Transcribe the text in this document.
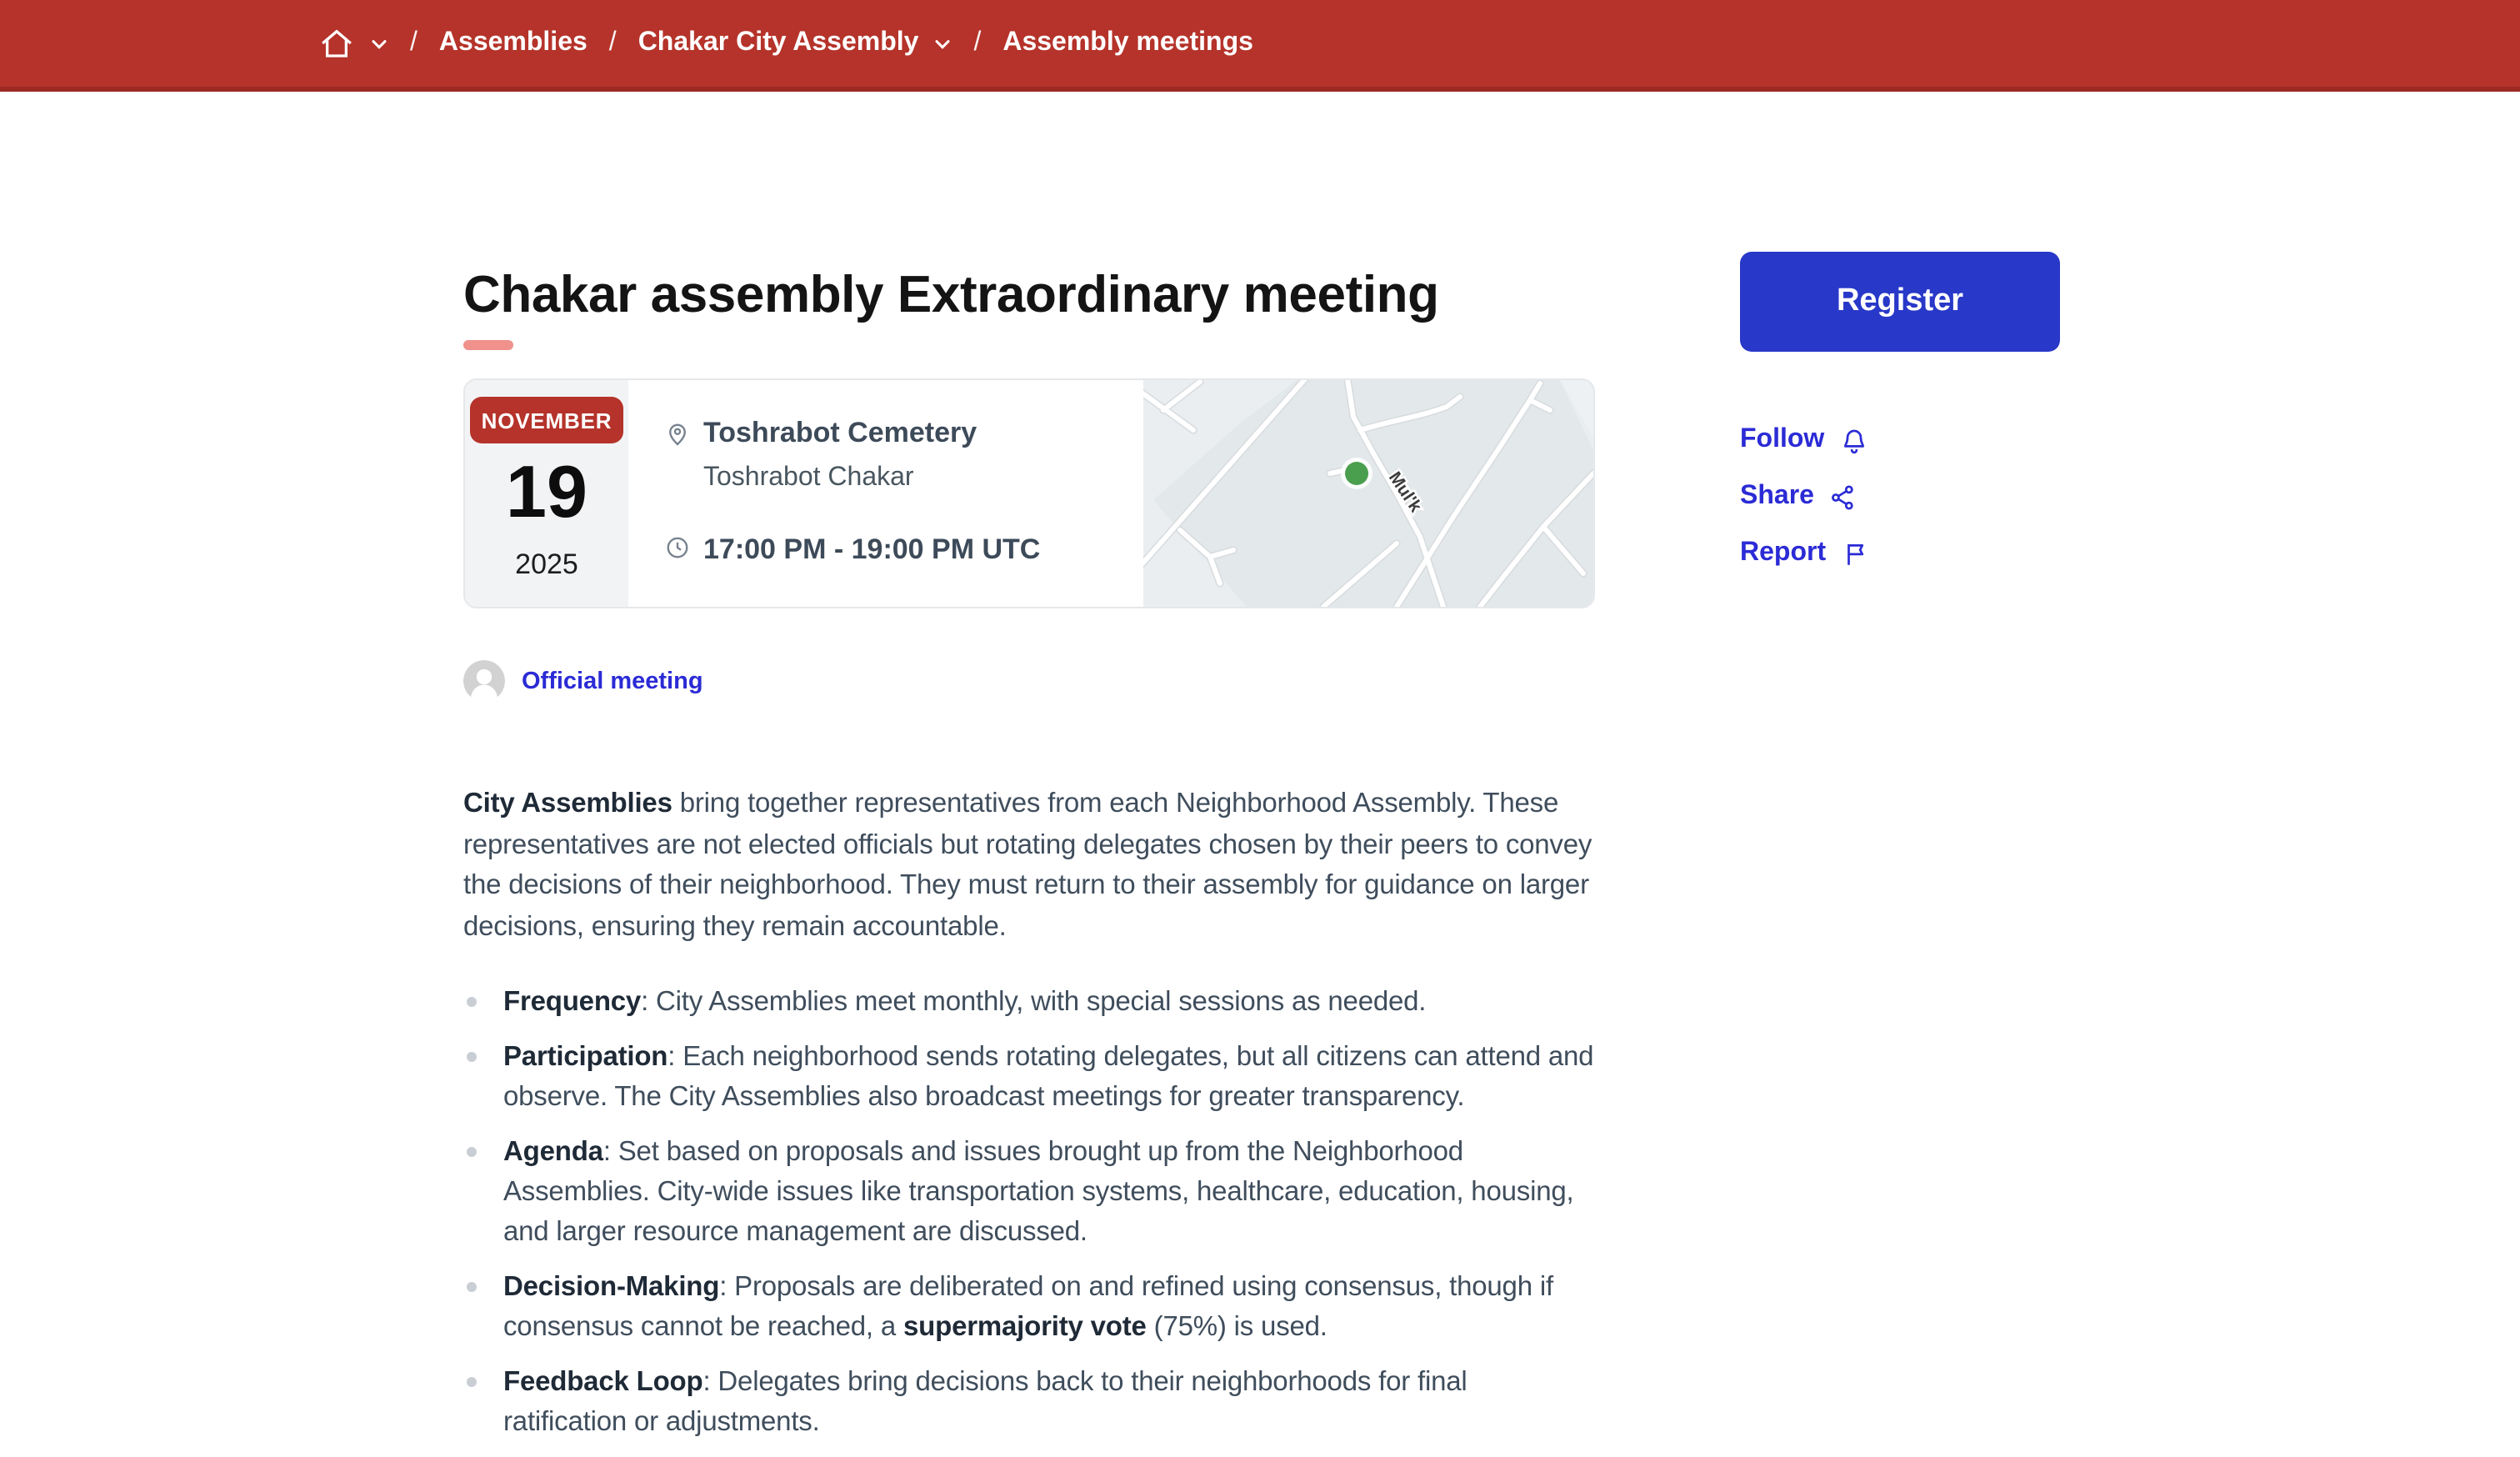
/ Assemblies / Chakar City Assembly	/ Assembly meetings
Chakar assembly Extraordinary meeting
NOVEMBER
19
2025
Toshrabot Cemetery
Toshrabot Chakar
17:00 PM - 19:00 PM UTC
Mul'k
Official meeting

City Assemblies bring together representatives from each Neighborhood Assembly. These representatives are not elected officials but rotating delegates chosen by their peers to convey the decisions of their neighborhood. They must return to their assembly for guidance on larger decisions, ensuring they remain accountable.

Frequency: City Assemblies meet monthly, with special sessions as needed.
Participation: Each neighborhood sends rotating delegates, but all citizens can attend and observe. The City Assemblies also broadcast meetings for greater transparency.
Agenda: Set based on proposals and issues brought up from the Neighborhood Assemblies. City-wide issues like transportation systems, healthcare, education, housing, and larger resource management are discussed.
Decision-Making: Proposals are deliberated on and refined using consensus, though if consensus cannot be reached, a supermajority vote (75%) is used.
Feedback Loop: Delegates bring decisions back to their neighborhoods for final ratification or adjustments.
Register
Follow
Share
Report
